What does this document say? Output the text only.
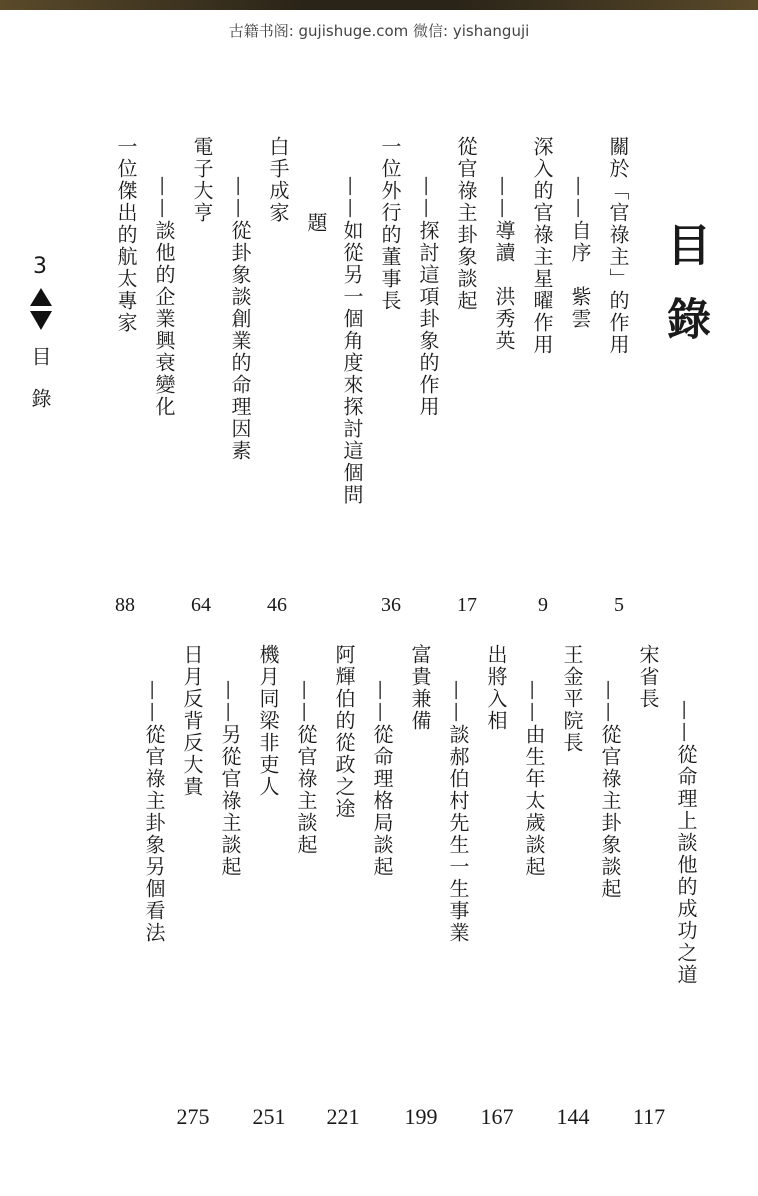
古籍书阁: gujishuge.com 微信: yishanguji
目錄
關於「官祿主」的作用
——自序　紫雲
深入的官祿主星曜作用
——導讀　洪秀英
從官祿主卦象談起
——探討這項卦象的作用
一位外行的董事長
——如從另一個角度來探討這個問
題
白手成家
——從卦象談創業的命理因素
電子大亨
——談他的企業興衰變化
一位傑出的航太專家
5
9
17
36
46
64
88
——從命理上談他的成功之道
宋省長
——從官祿主卦象談起
王金平院長
——由生年太歲談起
出將入相
——談郝伯村先生一生事業
富貴兼備
——從命理格局談起
阿輝伯的從政之途
——從官祿主談起
機月同梁非吏人
——另從官祿主談起
日月反背反大貴
——從官祿主卦象另個看法
117
144
167
199
221
251
275
3
目錄
